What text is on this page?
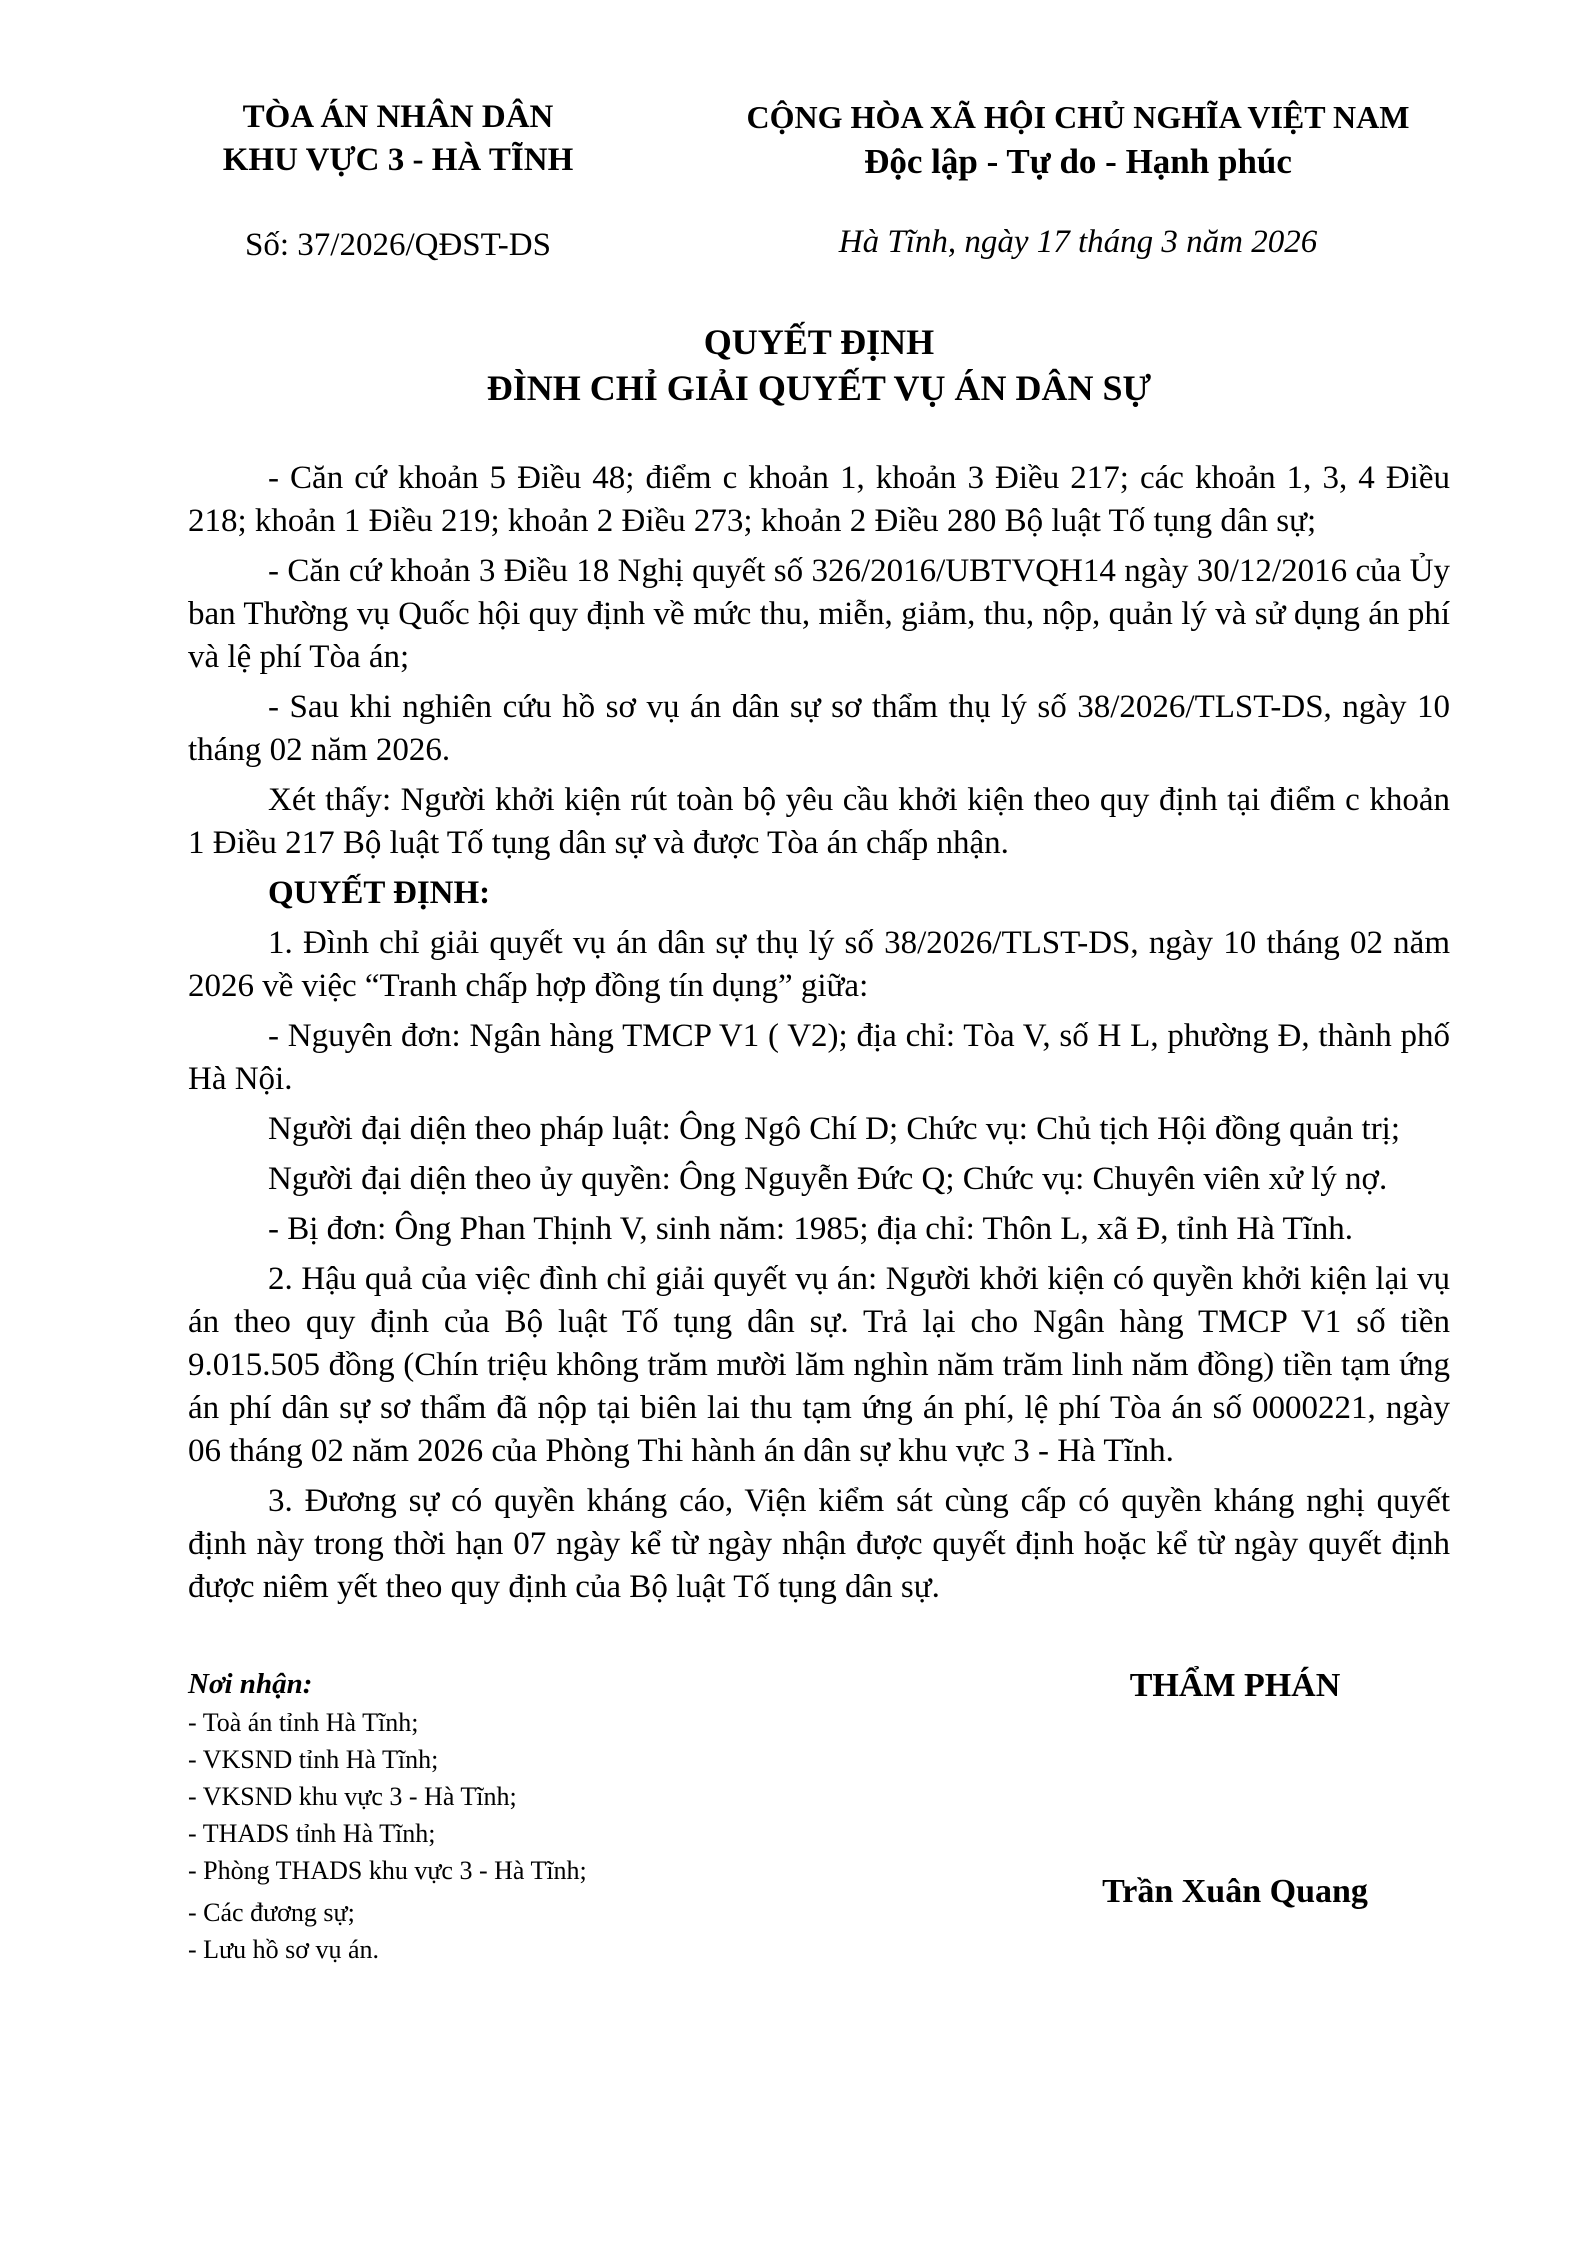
TÒA ÁN NHÂN DÂN
KHU VỰC 3 - HÀ TĨNH
Số: 37/2026/QĐST-DS
CỘNG HÒA XÃ HỘI CHỦ NGHĨA VIỆT NAM
Độc lập - Tự do - Hạnh phúc
Hà Tĩnh, ngày 17 tháng 3 năm 2026
QUYẾT ĐỊNH
ĐÌNH CHỈ GIẢI QUYẾT VỤ ÁN DÂN SỰ

- Căn cứ khoản 5 Điều 48; điểm c khoản 1, khoản 3 Điều 217; các khoản 1, 3, 4 Điều 218; khoản 1 Điều 219; khoản 2 Điều 273; khoản 2 Điều 280 Bộ luật Tố tụng dân sự;

- Căn cứ khoản 3 Điều 18 Nghị quyết số 326/2016/UBTVQH14 ngày 30/12/2016 của Ủy ban Thường vụ Quốc hội quy định về mức thu, miễn, giảm, thu, nộp, quản lý và sử dụng án phí và lệ phí Tòa án;

- Sau khi nghiên cứu hồ sơ vụ án dân sự sơ thẩm thụ lý số 38/2026/TLST-DS, ngày 10 tháng 02 năm 2026.

Xét thấy: Người khởi kiện rút toàn bộ yêu cầu khởi kiện theo quy định tại điểm c khoản 1 Điều 217 Bộ luật Tố tụng dân sự và được Tòa án chấp nhận.

QUYẾT ĐỊNH:

1. Đình chỉ giải quyết vụ án dân sự thụ lý số 38/2026/TLST-DS, ngày 10 tháng 02 năm 2026 về việc “Tranh chấp hợp đồng tín dụng” giữa:

- Nguyên đơn: Ngân hàng TMCP V1 ( V2); địa chỉ: Tòa V, số H L, phường Đ, thành phố Hà Nội.

Người đại diện theo pháp luật: Ông Ngô Chí D; Chức vụ: Chủ tịch Hội đồng quản trị;

Người đại diện theo ủy quyền: Ông Nguyễn Đức Q; Chức vụ: Chuyên viên xử lý nợ.

- Bị đơn: Ông Phan Thịnh V, sinh năm: 1985; địa chỉ: Thôn L, xã Đ, tỉnh Hà Tĩnh.

2. Hậu quả của việc đình chỉ giải quyết vụ án: Người khởi kiện có quyền khởi kiện lại vụ án theo quy định của Bộ luật Tố tụng dân sự. Trả lại cho Ngân hàng TMCP V1 số tiền 9.015.505 đồng (Chín triệu không trăm mười lăm nghìn năm trăm linh năm đồng) tiền tạm ứng án phí dân sự sơ thẩm đã nộp tại biên lai thu tạm ứng án phí, lệ phí Tòa án số 0000221, ngày 06 tháng 02 năm 2026 của Phòng Thi hành án dân sự khu vực 3 - Hà Tĩnh.

3. Đương sự có quyền kháng cáo, Viện kiểm sát cùng cấp có quyền kháng nghị quyết định này trong thời hạn 07 ngày kể từ ngày nhận được quyết định hoặc kể từ ngày quyết định được niêm yết theo quy định của Bộ luật Tố tụng dân sự.

Nơi nhận:
- Toà án tỉnh Hà Tĩnh;
- VKSND tỉnh Hà Tĩnh;
- VKSND khu vực 3 - Hà Tĩnh;
- THADS tỉnh Hà Tĩnh;
- Phòng THADS khu vực 3 - Hà Tĩnh;
- Các đương sự;
- Lưu hồ sơ vụ án.
THẨM PHÁN
Trần Xuân Quang
